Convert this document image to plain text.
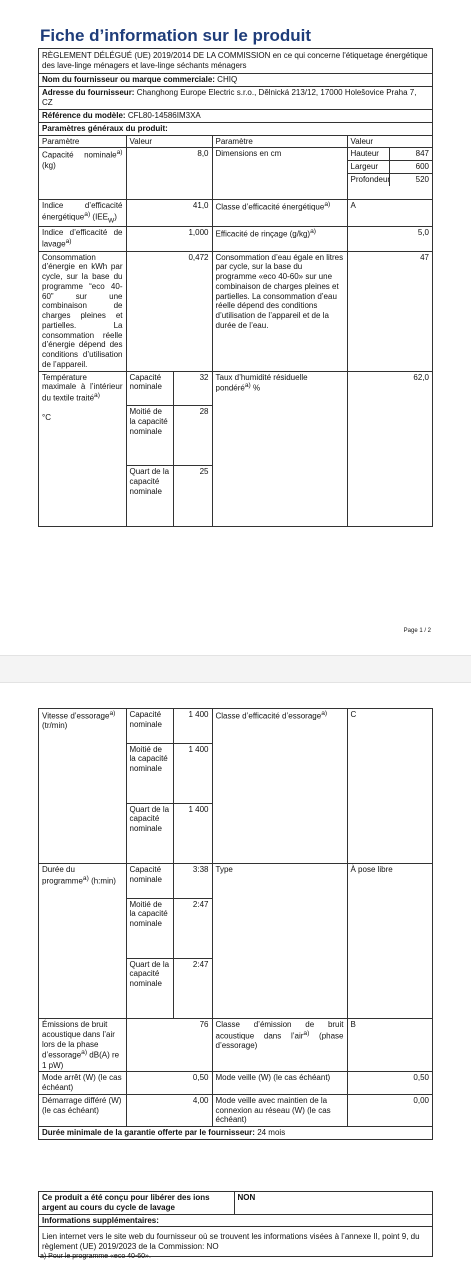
Fiche d’information sur le produit
RÈGLEMENT DÉLÉGUÉ (UE) 2019/2014 DE LA COMMISSION en ce qui concerne l'étiquetage énergétique des lave-linge ménagers et lave-linge séchants ménagers
Nom du fournisseur ou marque commerciale: CHIQ
Adresse du fournisseur: Changhong Europe Electric s.r.o., Dělnická 213/12, 17000 Holešovice Praha 7, CZ
Référence du modèle: CFL80-14586IM3XA
Paramètres généraux du produit:
Paramètre	Valeur	Paramètre	Valeur
Capacité nominale$^{a)}$ (kg)	8,0	Dimensions en cm		Hauteur	847
Largeur	600
Profondeur	520

Indice d’efficacité énergétique$^{a)}$ $(IEE_W)$	41,0	Classe d’efficacité énergétique$^{a)}$	A
Indice d’efficacité de lavage$^{a)}$	1,000	Efficacité de rinçage $(g/kg)^{a)}$	5,0
Consommation d’énergie en kWh par cycle, sur la base du programme “eco 40-60” sur une combinaison de charges pleines et partielles. La consommation réelle d’énergie dépend des conditions d’utilisation de l’appareil.	0,472	Consommation d’eau égale en litres par cycle, sur la base du programme «eco 40-60» sur une combinaison de charges pleines et partielles. La consommation d’eau réelle dépend des conditions d’utilisation de l’appareil et de la durée de l’eau.	47
Température maximale à l’intérieur du textile traité$^{a)}$

°C	
Capacité nominale	32
Moitié de la capacité nominale	28
Quart de la capacité nominale	25
	Taux d’humidité résiduelle pondéré$^{a)}$ %	62,0
Page 1 / 2
Vitesse d’essorage$^{a)}$
(tr/min)	
Capacité nominale	1 400
Moitié de la capacité nominale	1 400
Quart de la capacité nominale	1 400
	Classe d’efficacité d’essorage$^{a)}$	C
Durée du programme$^{a)}$ (h:min)	
Capacité nominale	3:38
Moitié de la capacité nominale	2:47
Quart de la capacité nominale	2:47
	Type	À pose libre
Émissions de bruit acoustique dans l’air lors de la phase d’essorage$^{a)}$ dB(A) re 1 pW)	76	Classe d’émission de bruit acoustique dans l’air$^{a)}$ (phase d’essorage)	B
Mode arrêt (W) (le cas échéant)	0,50	Mode veille (W) (le cas échéant)	0,50
Démarrage différé (W) (le cas échéant)	4,00	Mode veille avec maintien de la connexion au réseau (W) (le cas échéant)	0,00
Durée minimale de la garantie offerte par le fournisseur: 24 mois
Ce produit a été conçu pour libérer des ions argent au cours du cycle de lavage	NON
Informations supplémentaires:
Lien internet vers le site web du fournisseur où se trouvent les informations visées à l’annexe II, point 9, du règlement (UE) 2019/2023 de la Commission: NO
a) Pour le programme «eco 40-60».
